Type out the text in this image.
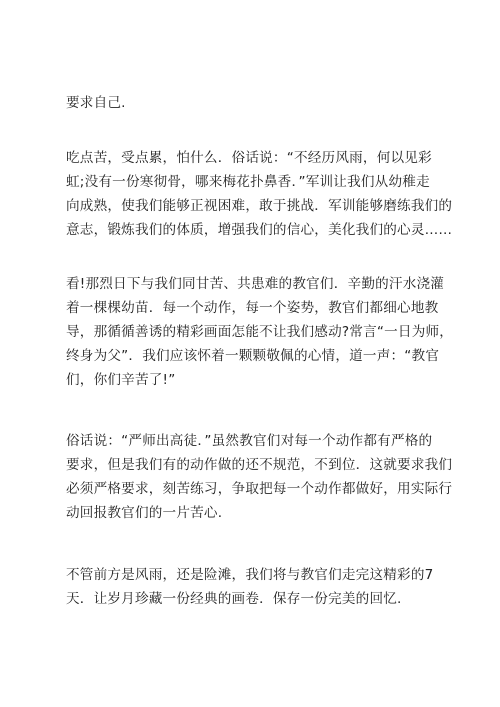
要求自己.
吃点苦，受点累，怕什么．俗话说：“不经历风雨，何以见彩
虹;没有一份寒彻骨，哪来梅花扑鼻香．”军训让我们从幼稚走
向成熟，使我们能够正视困难，敢于挑战．军训能够磨练我们的
意志，锻炼我们的体质，增强我们的信心，美化我们的心灵……
看!那烈日下与我们同甘苦、共患难的教官们．辛勤的汗水浇灌
着一棵棵幼苗．每一个动作，每一个姿势，教官们都细心地教
导，那循循善诱的精彩画面怎能不让我们感动?常言“一日为师，
终身为父”．我们应该怀着一颗颗敬佩的心情，道一声：“教官
们，你们辛苦了!”
俗话说：“严师出高徒．”虽然教官们对每一个动作都有严格的
要求，但是我们有的动作做的还不规范，不到位．这就要求我们
必须严格要求，刻苦练习，争取把每一个动作都做好，用实际行
动回报教官们的一片苦心.
不管前方是风雨，还是险滩，我们将与教官们走完这精彩的7
天．让岁月珍藏一份经典的画卷．保存一份完美的回忆.
